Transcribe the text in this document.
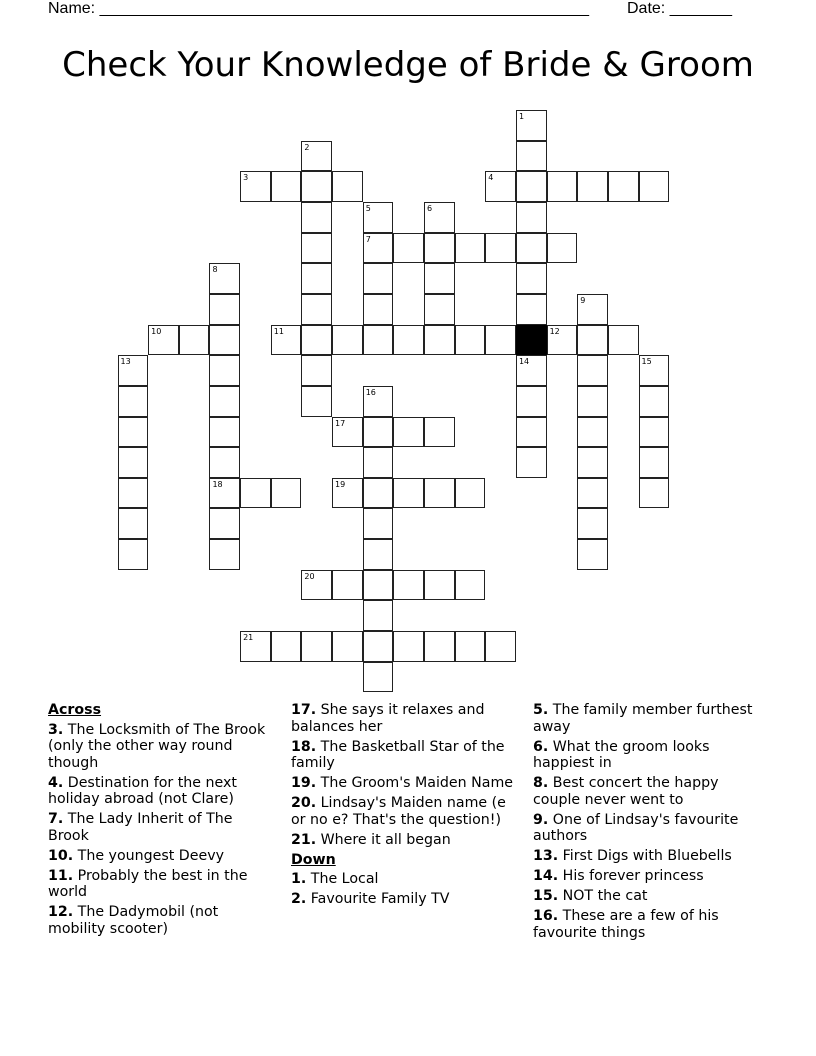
Name: _______________________________________________________ Date: _______
Check Your Knowledge of Bride & Groom
3	4
7
10	11	12
17
18	19
20
21
1
2
5	6
8
9
13	14	15
16
Across
3. The Locksmith of The Brook (only the other way round though
4. Destination for the next holiday abroad (not Clare)
7. The Lady Inherit of The Brook
10. The youngest Deevy
11. Probably the best in the world
12. The Dadymobil (not mobility scooter)
17. She says it relaxes and balances her
18. The Basketball Star of the family
19. The Groom's Maiden Name
20. Lindsay's Maiden name (e or no e? That's the question!)
21. Where it all began
Down
1. The Local
2. Favourite Family TV
5. The family member furthest away
6. What the groom looks happiest in
8. Best concert the happy couple never went to
9. One of Lindsay's favourite authors
13. First Digs with Bluebells
14. His forever princess
15. NOT the cat
16. These are a few of his favourite things
